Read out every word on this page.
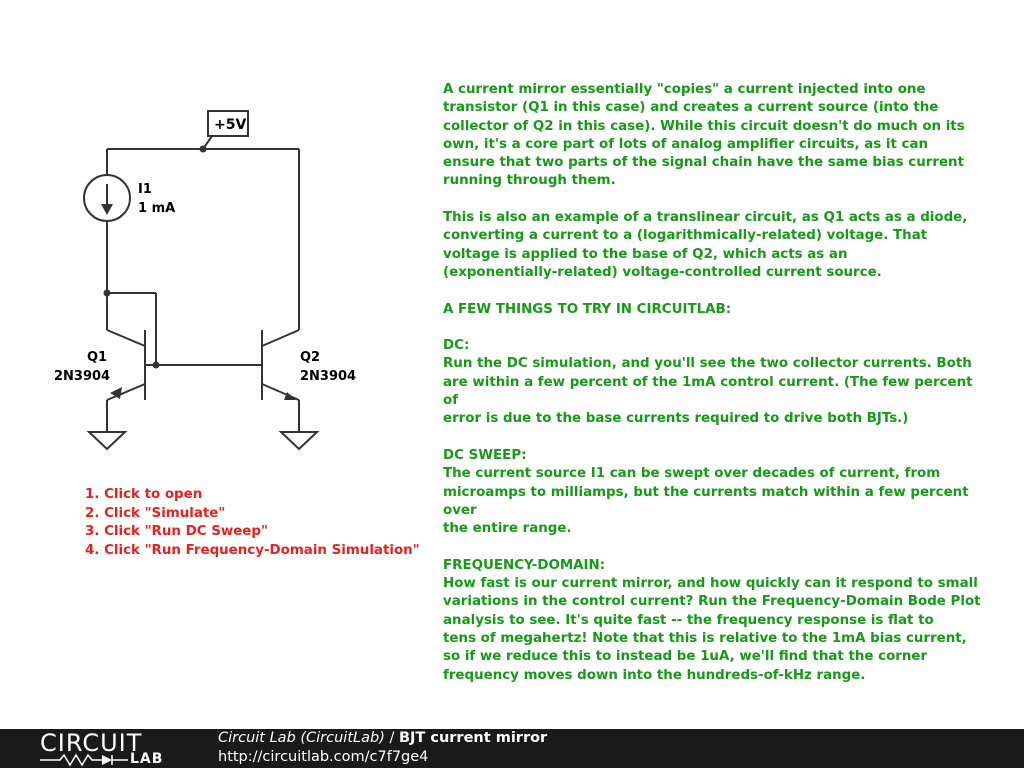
+5V
I1
1 mA
Q1
2N3904
Q2
2N3904
1. Click to open
2. Click "Simulate"
3. Click "Run DC Sweep"
4. Click "Run Frequency-Domain Simulation"

A current mirror essentially "copies" a current injected into one
transistor (Q1 in this case) and creates a current source (into the
collector of Q2 in this case). While this circuit doesn't do much on its
own, it's a core part of lots of analog amplifier circuits, as it can
ensure that two parts of the signal chain have the same bias current
running through them.

This is also an example of a translinear circuit, as Q1 acts as a diode,
converting a current to a (logarithmically-related) voltage. That
voltage is applied to the base of Q2, which acts as an
(exponentially-related) voltage-controlled current source.

A FEW THINGS TO TRY IN CIRCUITLAB:

DC:
Run the DC simulation, and you'll see the two collector currents. Both
are within a few percent of the 1mA control current. (The few percent of
error is due to the base currents required to drive both BJTs.)

DC SWEEP:
The current source I1 can be swept over decades of current, from
microamps to milliamps, but the currents match within a few percent over
the entire range.

FREQUENCY-DOMAIN:
How fast is our current mirror, and how quickly can it respond to small
variations in the control current? Run the Frequency-Domain Bode Plot
analysis to see. It's quite fast -- the frequency response is flat to
tens of megahertz! Note that this is relative to the 1mA bias current,
so if we reduce this to instead be 1uA, we'll find that the corner
frequency moves down into the hundreds-of-kHz range.

CIRCUIT
LAB
Circuit Lab (CircuitLab) / BJT current mirror
http://circuitlab.com/c7f7ge4
